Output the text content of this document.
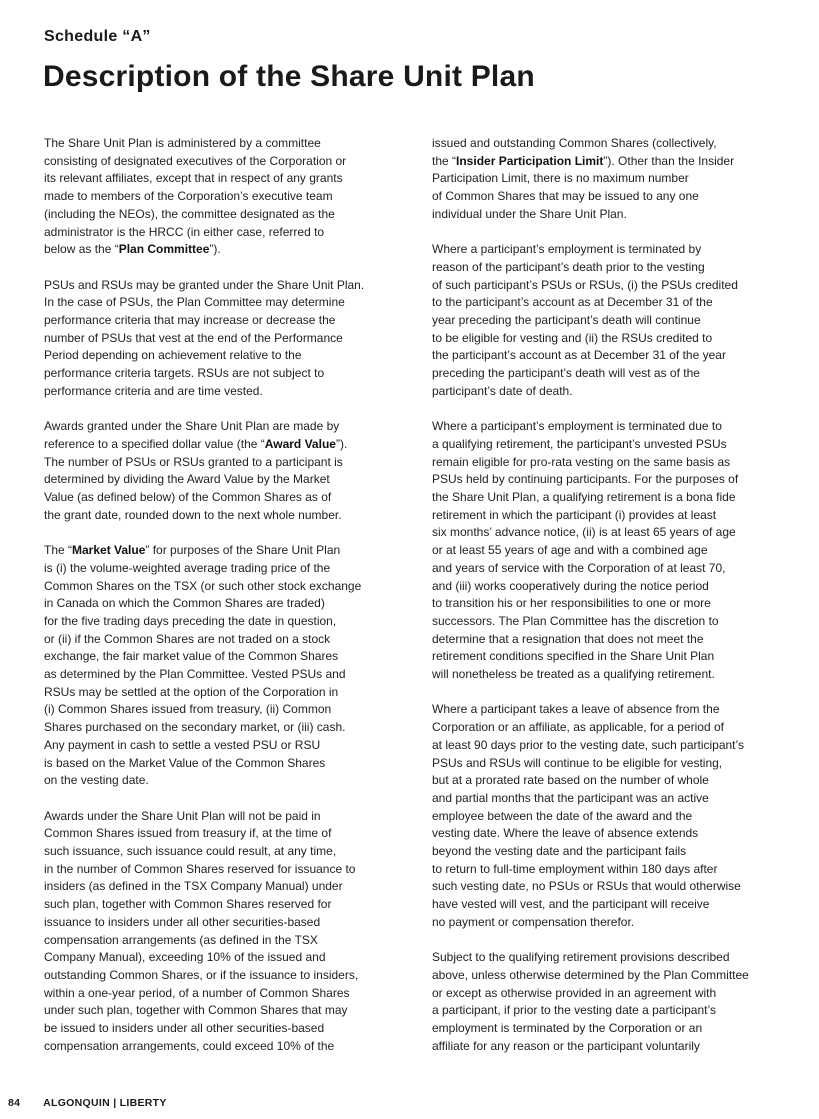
Schedule “A”
Description of the Share Unit Plan

The Share Unit Plan is administered by a committee
consisting of designated executives of the Corporation or
its relevant affiliates, except that in respect of any grants
made to members of the Corporation’s executive team
(including the NEOs), the committee designated as the
administrator is the HRCC (in either case, referred to
below as the “Plan Committee”).

PSUs and RSUs may be granted under the Share Unit Plan.
In the case of PSUs, the Plan Committee may determine
performance criteria that may increase or decrease the
number of PSUs that vest at the end of the Performance
Period depending on achievement relative to the
performance criteria targets. RSUs are not subject to
performance criteria and are time vested.

Awards granted under the Share Unit Plan are made by
reference to a specified dollar value (the “Award Value”).
The number of PSUs or RSUs granted to a participant is
determined by dividing the Award Value by the Market
Value (as defined below) of the Common Shares as of
the grant date, rounded down to the next whole number.

The “Market Value” for purposes of the Share Unit Plan
is (i) the volume-weighted average trading price of the
Common Shares on the TSX (or such other stock exchange
in Canada on which the Common Shares are traded)
for the five trading days preceding the date in question,
or (ii) if the Common Shares are not traded on a stock
exchange, the fair market value of the Common Shares
as determined by the Plan Committee. Vested PSUs and
RSUs may be settled at the option of the Corporation in
(i) Common Shares issued from treasury, (ii) Common
Shares purchased on the secondary market, or (iii) cash.
Any payment in cash to settle a vested PSU or RSU
is based on the Market Value of the Common Shares
on the vesting date.

Awards under the Share Unit Plan will not be paid in
Common Shares issued from treasury if, at the time of
such issuance, such issuance could result, at any time,
in the number of Common Shares reserved for issuance to
insiders (as defined in the TSX Company Manual) under
such plan, together with Common Shares reserved for
issuance to insiders under all other securities-based
compensation arrangements (as defined in the TSX
Company Manual), exceeding 10% of the issued and
outstanding Common Shares, or if the issuance to insiders,
within a one-year period, of a number of Common Shares
under such plan, together with Common Shares that may
be issued to insiders under all other securities-based
compensation arrangements, could exceed 10% of the

issued and outstanding Common Shares (collectively,
the “Insider Participation Limit”). Other than the Insider
Participation Limit, there is no maximum number
of Common Shares that may be issued to any one
individual under the Share Unit Plan.

Where a participant’s employment is terminated by
reason of the participant’s death prior to the vesting
of such participant’s PSUs or RSUs, (i) the PSUs credited
to the participant’s account as at December 31 of the
year preceding the participant’s death will continue
to be eligible for vesting and (ii) the RSUs credited to
the participant’s account as at December 31 of the year
preceding the participant’s death will vest as of the
participant’s date of death.

Where a participant’s employment is terminated due to
a qualifying retirement, the participant’s unvested PSUs
remain eligible for pro-rata vesting on the same basis as
PSUs held by continuing participants. For the purposes of
the Share Unit Plan, a qualifying retirement is a bona fide
retirement in which the participant (i) provides at least
six months’ advance notice, (ii) is at least 65 years of age
or at least 55 years of age and with a combined age
and years of service with the Corporation of at least 70,
and (iii) works cooperatively during the notice period
to transition his or her responsibilities to one or more
successors. The Plan Committee has the discretion to
determine that a resignation that does not meet the
retirement conditions specified in the Share Unit Plan
will nonetheless be treated as a qualifying retirement.

Where a participant takes a leave of absence from the
Corporation or an affiliate, as applicable, for a period of
at least 90 days prior to the vesting date, such participant’s
PSUs and RSUs will continue to be eligible for vesting,
but at a prorated rate based on the number of whole
and partial months that the participant was an active
employee between the date of the award and the
vesting date. Where the leave of absence extends
beyond the vesting date and the participant fails
to return to full-time employment within 180 days after
such vesting date, no PSUs or RSUs that would otherwise
have vested will vest, and the participant will receive
no payment or compensation therefor.

Subject to the qualifying retirement provisions described
above, unless otherwise determined by the Plan Committee
or except as otherwise provided in an agreement with
a participant, if prior to the vesting date a participant’s
employment is terminated by the Corporation or an
affiliate for any reason or the participant voluntarily

84 ALGONQUIN | LIBERTY
